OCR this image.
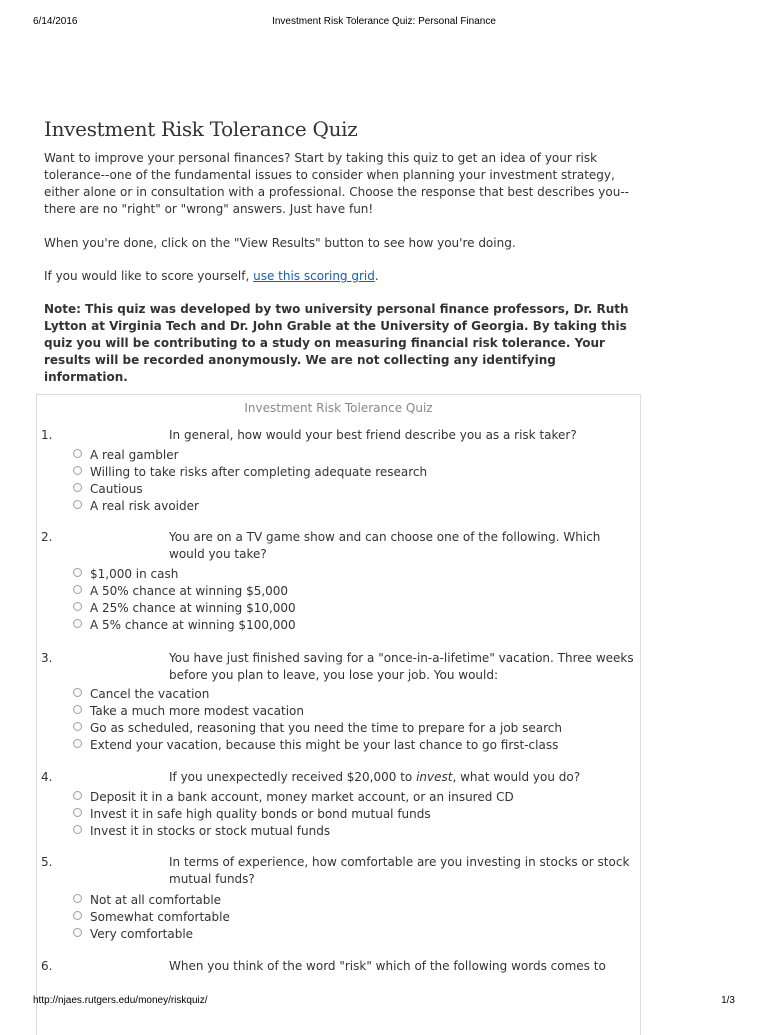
6/14/2016	Investment Risk Tolerance Quiz: Personal Finance
Investment Risk Tolerance Quiz

Want to improve your personal finances? Start by taking this quiz to get an idea of your risk tolerance--one of the fundamental issues to consider when planning your investment strategy, either alone or in consultation with a professional. Choose the response that best describes you--there are no "right" or "wrong" answers. Just have fun!

When you're done, click on the "View Results" button to see how you're doing.

If you would like to score yourself, use this scoring grid.

Note: This quiz was developed by two university personal finance professors, Dr. Ruth Lytton at Virginia Tech and Dr. John Grable at the University of Georgia. By taking this quiz you will be contributing to a study on measuring financial risk tolerance. Your results will be recorded anonymously. We are not collecting any identifying information.

Investment Risk Tolerance Quiz
1.	In general, how would your best friend describe you as a risk taker?
A real gambler
Willing to take risks after completing adequate research
Cautious
A real risk avoider
2.	You are on a TV game show and can choose one of the following. Which would you take?
$1,000 in cash
A 50% chance at winning $5,000
A 25% chance at winning $10,000
A 5% chance at winning $100,000
3.	You have just finished saving for a "once-in-a-lifetime" vacation. Three weeks before you plan to leave, you lose your job. You would:
Cancel the vacation
Take a much more modest vacation
Go as scheduled, reasoning that you need the time to prepare for a job search
Extend your vacation, because this might be your last chance to go first-class
4.	If you unexpectedly received $20,000 to invest, what would you do?
Deposit it in a bank account, money market account, or an insured CD
Invest it in safe high quality bonds or bond mutual funds
Invest it in stocks or stock mutual funds
5.	In terms of experience, how comfortable are you investing in stocks or stock mutual funds?
Not at all comfortable
Somewhat comfortable
Very comfortable
6.	When you think of the word "risk" which of the following words comes to
http://njaes.rutgers.edu/money/riskquiz/	1/3
